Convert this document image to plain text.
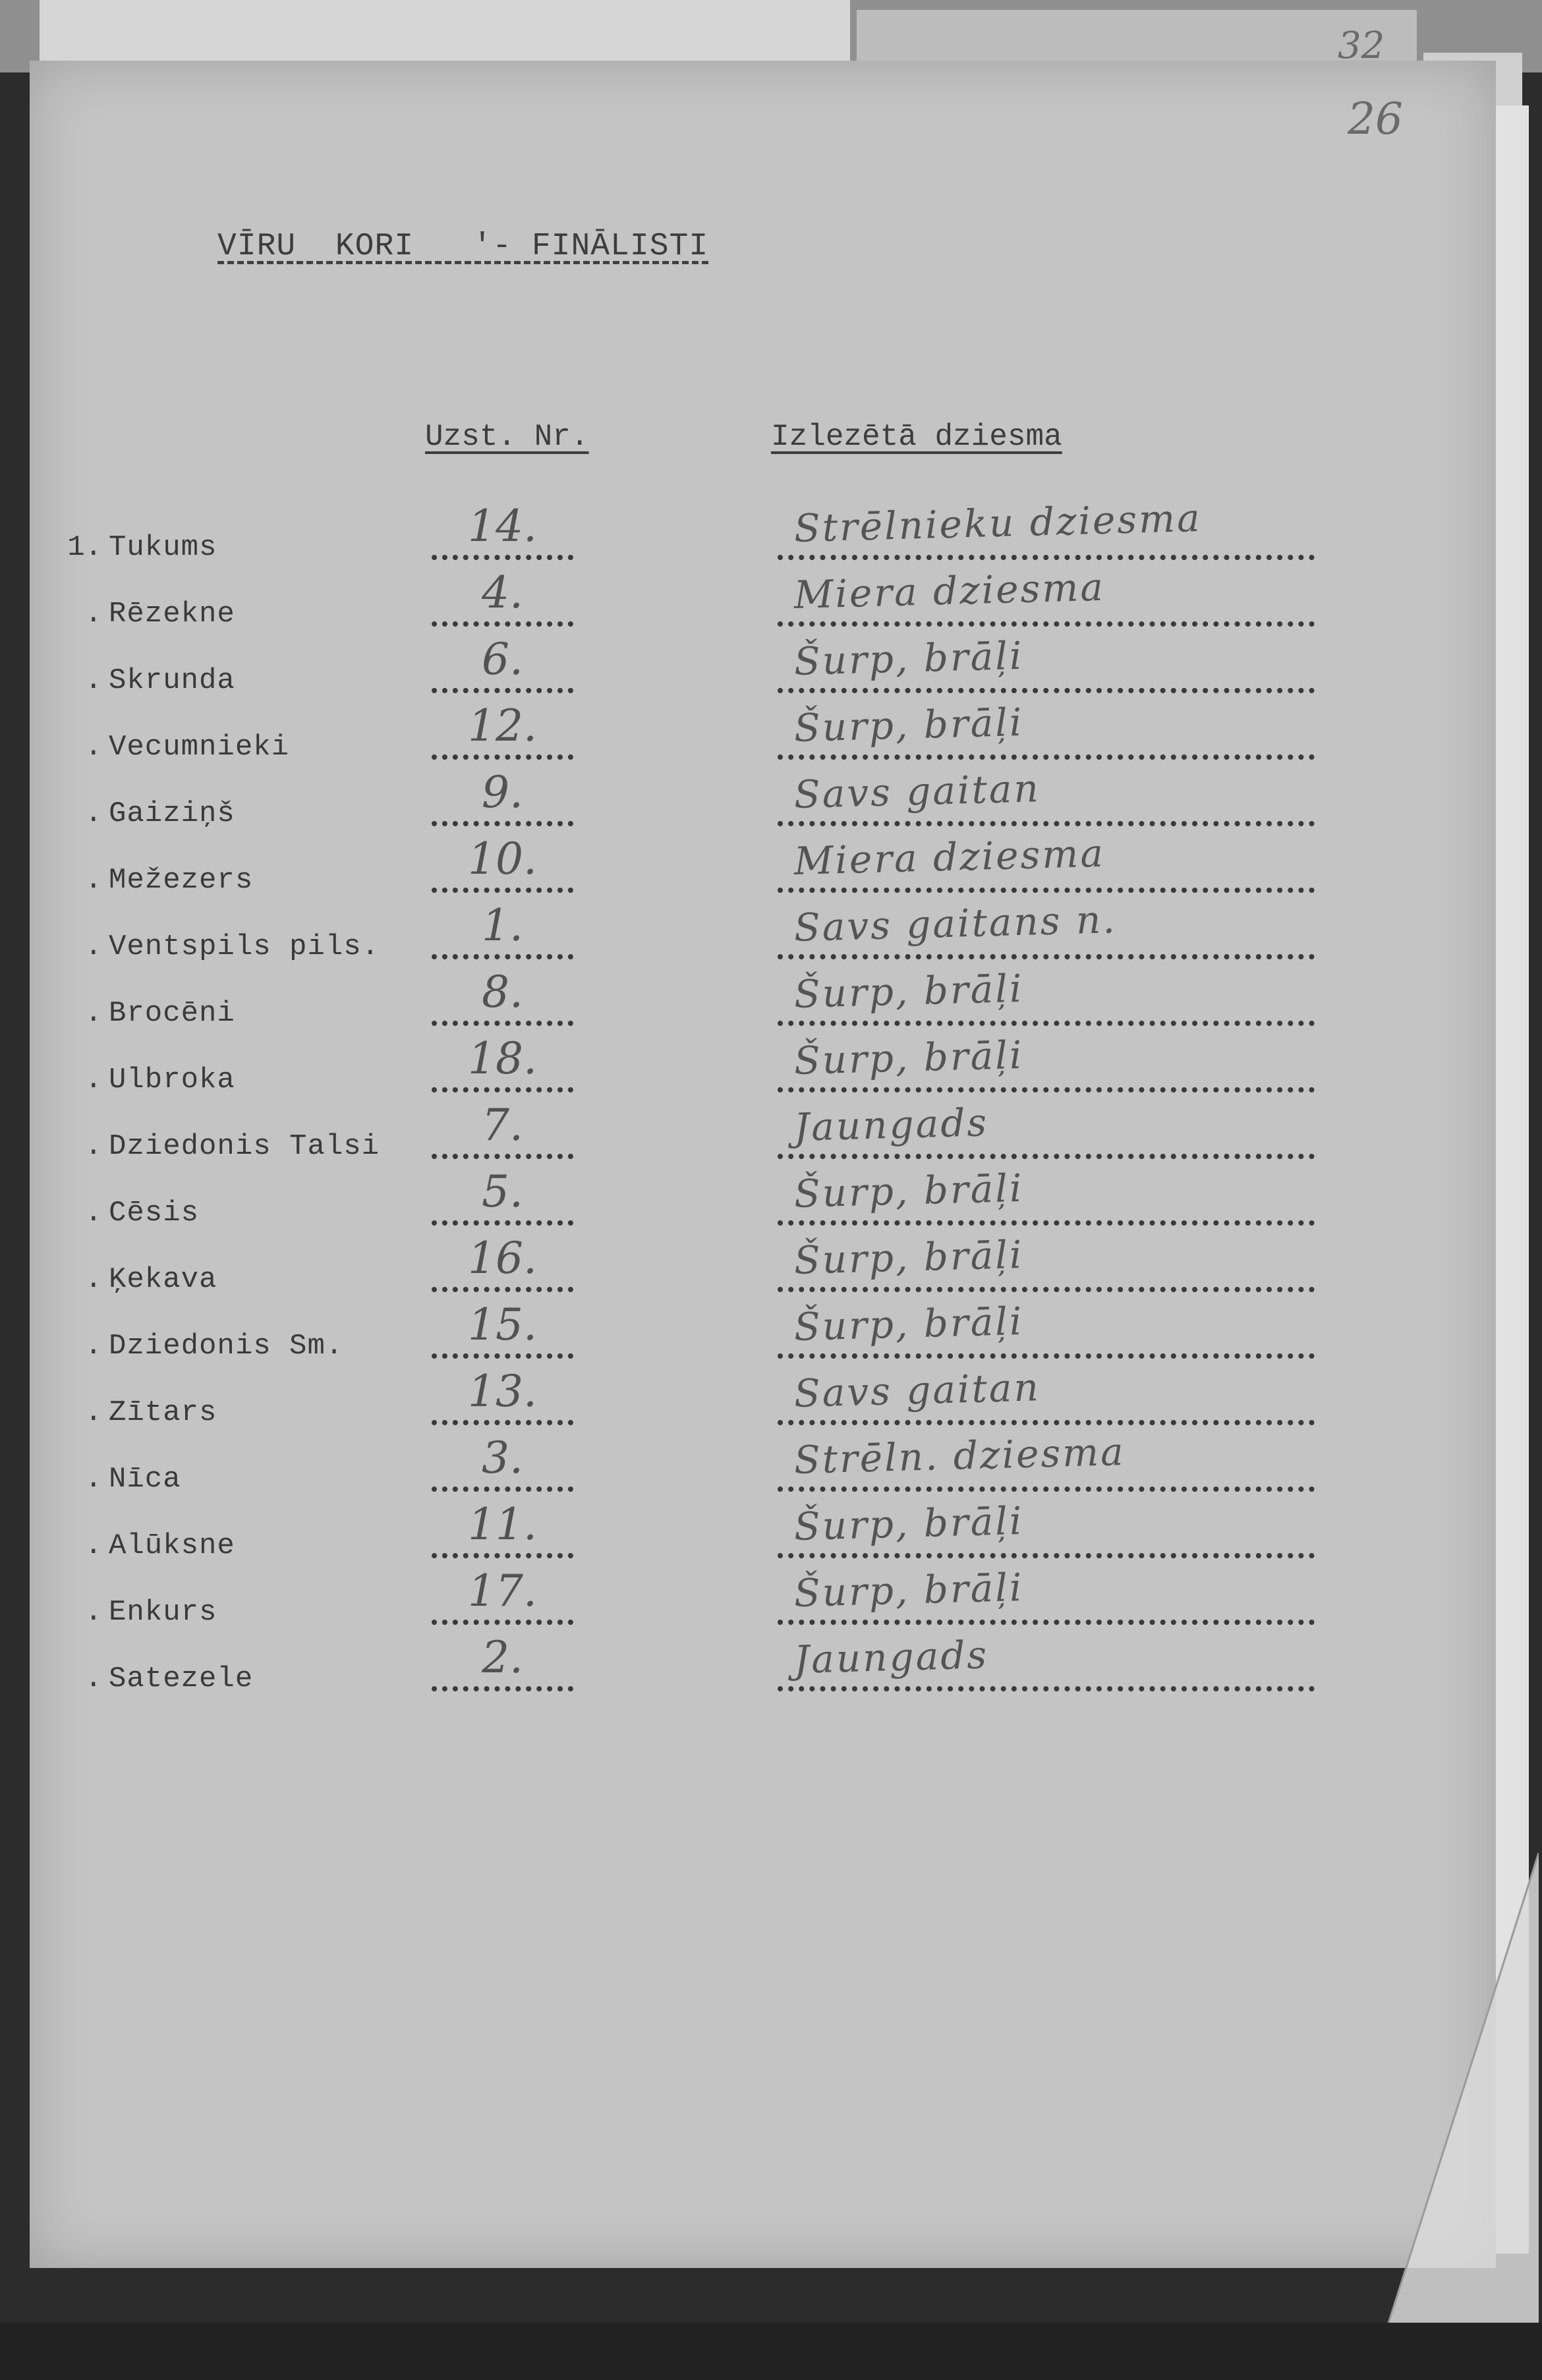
32
26
VĪRU  KORI   '- FINĀLISTI
Uzst. Nr.	Izlezētā dziesma
1. Tukums	14.	Strēlnieku dziesma
. Rēzekne	4.	Miera dziesma
. Skrunda	6.	Šurp, brāļi
. Vecumnieki	12.	Šurp, brāļi
. Gaiziņš	9.	Savs gaitan
. Mežezers	10.	Miera dziesma
. Ventspils pils.	1.	Savs gaitans n.
. Brocēni	8.	Šurp, brāļi
. Ulbroka	18.	Šurp, brāļi
. Dziedonis Talsi	7.	Jaungads
. Cēsis	5.	Šurp, brāļi
. Ķekava	16.	Šurp, brāļi
. Dziedonis Sm.	15.	Šurp, brāļi
. Zītars	13.	Savs gaitan
. Nīca	3.	Strēln. dziesma
. Alūksne	11.	Šurp, brāļi
. Enkurs	17.	Šurp, brāļi
. Satezele	2.	Jaungads
